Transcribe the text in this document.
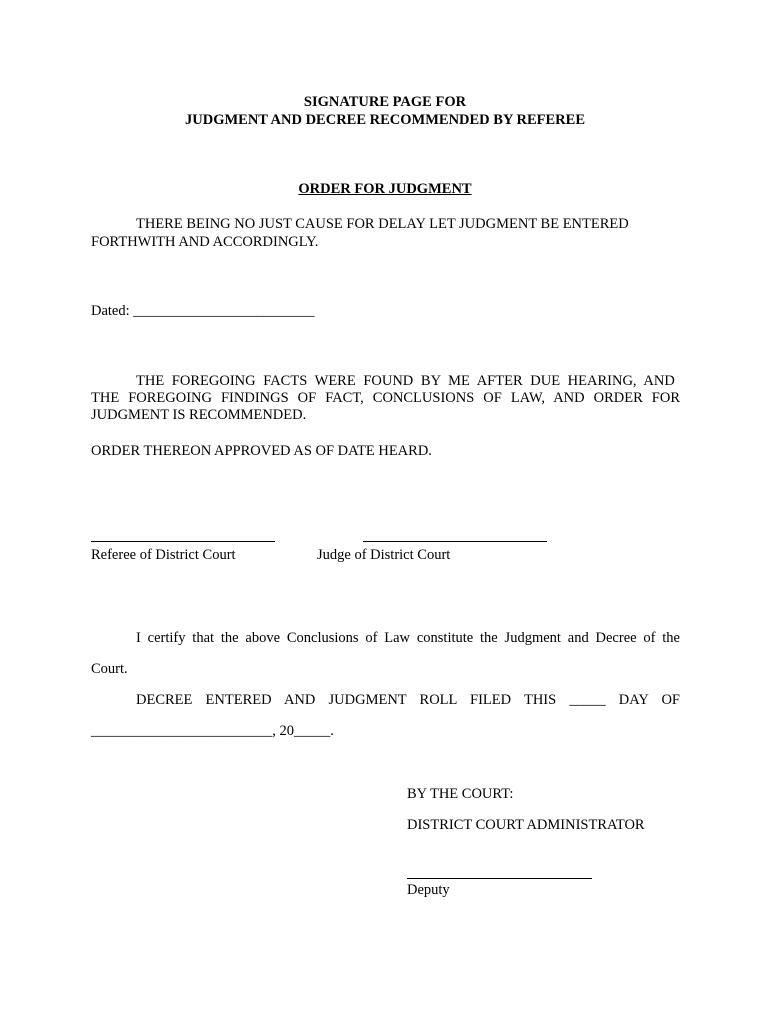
SIGNATURE PAGE FOR
JUDGMENT AND DECREE RECOMMENDED BY REFEREE
ORDER FOR JUDGMENT
THERE BEING NO JUST CAUSE FOR DELAY LET JUDGMENT BE ENTERED
FORTHWITH AND ACCORDINGLY.
Dated: _________________________
THE FOREGOING FACTS WERE FOUND BY ME AFTER DUE HEARING, AND
THE FOREGOING FINDINGS OF FACT, CONCLUSIONS OF LAW, AND ORDER FOR
JUDGMENT IS RECOMMENDED.
ORDER THEREON APPROVED AS OF DATE HEARD.
Referee of District Court	Judge of District Court
I certify that the above Conclusions of Law constitute the Judgment and Decree of the
Court.
DECREE ENTERED AND JUDGMENT ROLL FILED THIS _____ DAY OF
_________________________, 20_____.
BY THE COURT:
DISTRICT COURT ADMINISTRATOR
Deputy
